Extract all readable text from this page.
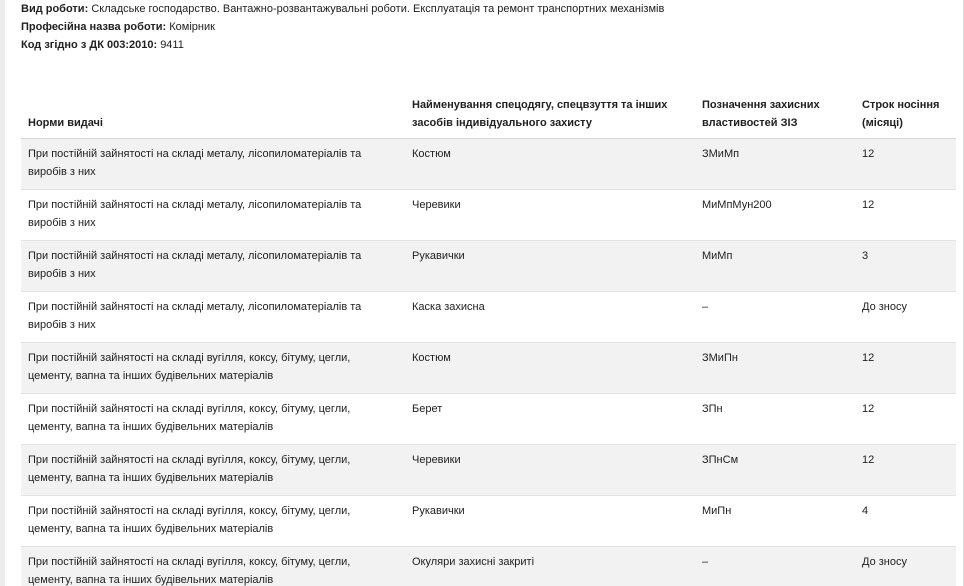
Вид роботи: Складське господарство. Вантажно-розвантажувальні роботи. Експлуатація та ремонт транспортних механізмів
Професійна назва роботи: Комірник
Код згідно з ДК 003:2010: 9411
Норми видачі	Найменування спецодягу, спецвзуття та інших засобів індивідуального захисту	Позначення захисних властивостей ЗІЗ	Строк носіння (місяці)
При постійній зайнятості на складі металу, лісопиломатеріалів та виробів з них	Костюм	ЗМиМп	12
При постійній зайнятості на складі металу, лісопиломатеріалів та виробів з них	Черевики	МиМпМун200	12
При постійній зайнятості на складі металу, лісопиломатеріалів та виробів з них	Рукавички	МиМп	3
При постійній зайнятості на складі металу, лісопиломатеріалів та виробів з них	Каска захисна	–	До зносу
При постійній зайнятості на складі вугілля, коксу, бітуму, цегли, цементу, вапна та інших будівельних матеріалів	Костюм	ЗМиПн	12
При постійній зайнятості на складі вугілля, коксу, бітуму, цегли, цементу, вапна та інших будівельних матеріалів	Берет	ЗПн	12
При постійній зайнятості на складі вугілля, коксу, бітуму, цегли, цементу, вапна та інших будівельних матеріалів	Черевики	ЗПнСм	12
При постійній зайнятості на складі вугілля, коксу, бітуму, цегли, цементу, вапна та інших будівельних матеріалів	Рукавички	МиПн	4
При постійній зайнятості на складі вугілля, коксу, бітуму, цегли, цементу, вапна та інших будівельних матеріалів	Окуляри захисні закриті	–	До зносу
